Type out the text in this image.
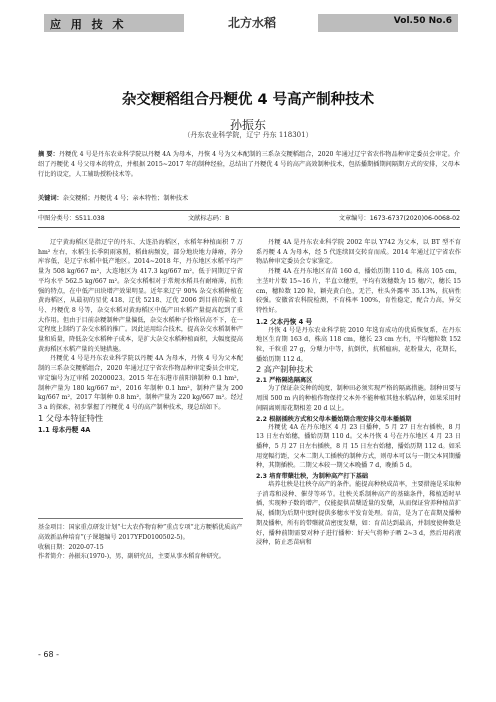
应 用 技 术	北方水稻	Vol.50 No.6
杂交粳稻组合丹粳优 4 号高产制种技术
孙振东
（丹东农业科学院，辽宁 丹东 118301）
摘 要：丹粳优 4 号是丹东农业科学院以丹粳 4A 为母本，丹恢 4 号为父本配制的三系杂交粳稻组合，2020 年通过辽宁省农作物品种审定委员会审定。介绍了丹粳优 4 号父母本的特点，并根据 2015~2017 年的制种经验，总结出了丹粳优 4 号的高产高效制种技术，包括播期插期间隔期方式的安排，父母本行比的设定，人工辅助授粉技术等。
关键词：杂交粳稻；丹粳优 4 号；亲本特性；制种技术
中图分类号：S511.038	文献标志码：B	文章编号：1673-6737(2020)06-0068-02

辽宁黄海稻区是指辽宁的丹东、大连沿海稻区，水稻年种植面积 7 万 hm² 左右，水稻生长季阴雨寡照，稻曲病频发，部分地块地力薄瘠，养分库容低，是辽宁水稻中低产地区。2014~2018 年，丹东地区水稻平均产量为 508 kg/667 m²，大连地区为 417.3 kg/667 m²，低于同期辽宁省平均水平 562.5 kg/667 m²。杂交水稻相对于常规水稻具有耐瘠薄，抗性强的特点，在中低产田块增产效果明显。近年来辽宁 90% 杂交水稻种植在黄海稻区，从最初的星优 418、辽优 5218、辽优 2006 到目前的盐优 1 号、丹粳优 8 号等，杂交水稻对黄海稻区中低产田水稻产量提高起到了重大作用。但由于目前杂粳制种产量偏低，杂交水稻种子价格居高不下，在一定程度上制约了杂交水稻的推广。因此运用综合技术，提高杂交水稻制种产量和质量，降低杂交水稻种子成本，是扩大杂交水稻种植面积，大幅度提高黄海稻区水稻产量的关键措施。

丹粳优 4 号是丹东农业科学院以丹粳 4A 为母本，丹恢 4 号为父本配制的三系杂交粳稻组合，2020 年通过辽宁省农作物品种审定委员会审定，审定编号为辽审稻 20200023。2015 年在东港市前阳镇制种 0.1 hm²，制种产量为 180 kg/667 m²，2016 年制种 0.1 hm²，制种产量为 200 kg/667 m²，2017 年制种 0.8 hm²，制种产量为 220 kg/667 m²。经过 3 a 的探索，初步掌握了丹粳优 4 号的高产制种技术，现总结如下。

1 父母本特征特性

1.1 母本丹粳 4A

基金项目：国家重点研发计划“七大农作物育种”重点专项“北方粳稻优质高产高效新品种培育”(子课题编号 2017YFD0100502-5)。

收稿日期：2020-07-15

作者简介：孙振东(1970-)，男，副研究员，主要从事水稻育种研究。

- 68 -

丹粳 4A 是丹东农业科学院 2002 年以 Y742 为父本，以 BT 型不育系丹粳 4 A 为母本，经 5 代连续回交转育而成。2014 年通过辽宁省农作物品种审定委员会专家鉴定。

丹粳 4A 在丹东地区育苗 160 d，播始历期 110 d。株高 105 cm，主茎叶片数 15~16 片，半直立穗型，平均有效穗数为 15 穗/穴，穗长 15 cm，穗粒数 120 粒，颖壳黄白色，无芒，柱头外露率 35.13%，抗病性较强。安徽省农科院检测，不育株率 100%，育性稳定，配合力高，异交特性好。

1.2 父本丹恢 4 号

丹恢 4 号是丹东农业科学院 2010 年选育成功的优质恢复系，在丹东地区生育期 163 d，株高 118 cm，穗长 23 cm 左右，平均穗粒数 152 粒，千粒重 27 g，分蘖力中等，抗倒伏，抗稻瘟病，花粉量大，花期长，播始历期 112 d。

2 高产制种技术

2.1 严格隔选隔离区

为了保证杂交种的纯度，制种田必须实现严格的隔离措施。制种田要与周围 500 m 内的种植作物保持父本外不能种植其他水稻品种，如果采用时间隔离则需花期相差 20 d 以上。

2.2 根据插秧方式和父母本播始期合理安排父母本播插期

丹粳优 4A 在丹东地区 4 月 23 日播种，5 月 27 日左右插秧，8 月 13 日左右始穗，播始历期 110 d。父本丹恢 4 号在丹东地区 4 月 23 日播种，5 月 27 日左右插秧，8 月 15 日左右始穗，播始历期 112 d。如采用宽幅行距，父本二期人工插秧的制种方式，则母本可以与一期父本同期播种，其期插秧。二期父本较一期父本晚播 7 d，晚插 5 d。

2.3 培育带蘖壮秧，为制种高产打下基础

培养壮秧是壮秧夺高产的条件。能提高种秧成苗率，主要措施是采取种子消毒和浸种、催芽等环节。壮秧关系制种高产的基础条件，稀植适时早插，实现种子数的增产，仅能提供苗蘖适量的发蘖，从而保证营养种植苗扩展，插期为后期中度时提供多穗水平发育处理。育苗，是为了在苗期及播种期及播种，所有的带蘖就苗密度发蘖，如：育苗达到最高，并制度使种数是好，播种前期需要对种子进行播种：好天气将种子晒 2~3 d，然后用药液浸种，防止恶苗病和
